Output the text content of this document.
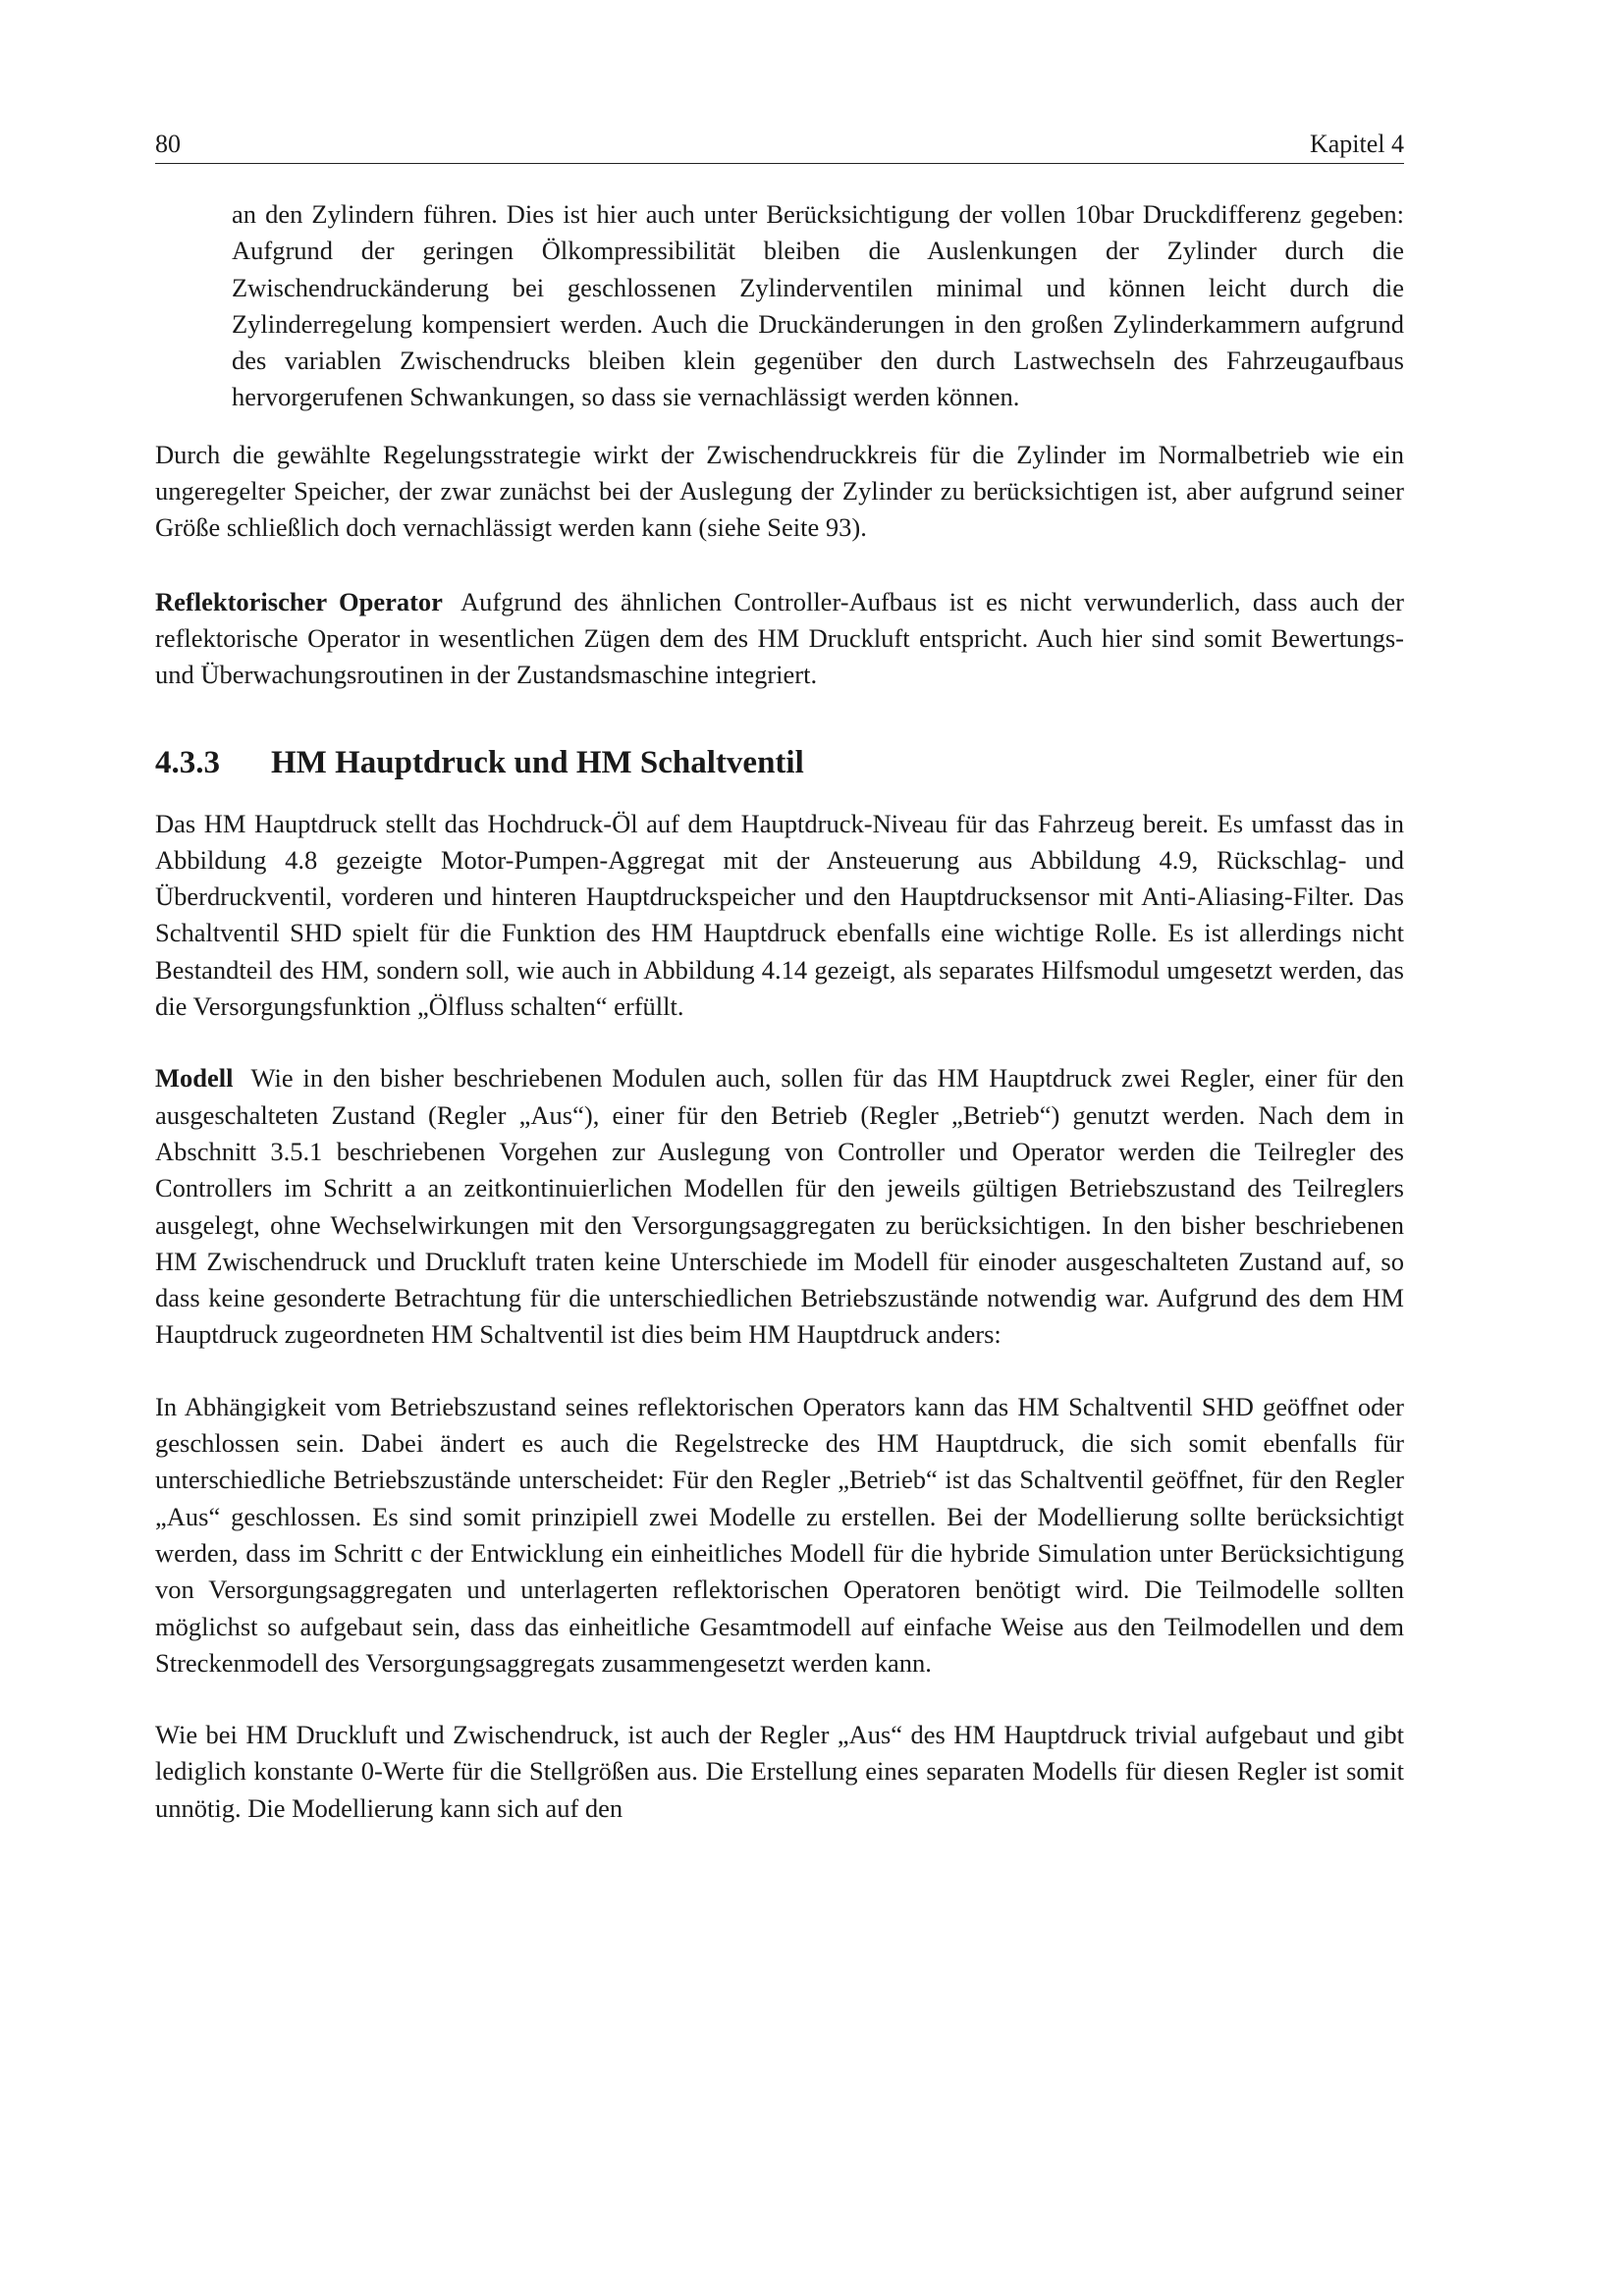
80	Kapitel 4

an den Zylindern führen. Dies ist hier auch unter Berücksichtigung der vollen 10bar Druckdifferenz gegeben: Aufgrund der geringen Ölkompressibilität bleiben die Auslenkungen der Zylinder durch die Zwischendruckänderung bei geschlossenen Zylinderventilen minimal und können leicht durch die Zylinderregelung kompensiert werden. Auch die Druckänderungen in den großen Zylinderkammern aufgrund des variablen Zwischendrucks bleiben klein gegenüber den durch Lastwechseln des Fahrzeugaufbaus hervorgerufenen Schwankungen, so dass sie vernachlässigt werden können.

Durch die gewählte Regelungsstrategie wirkt der Zwischendruckkreis für die Zylinder im Normalbetrieb wie ein ungeregelter Speicher, der zwar zunächst bei der Auslegung der Zylinder zu berücksichtigen ist, aber aufgrund seiner Größe schließlich doch vernachlässigt werden kann (siehe Seite 93).

Reflektorischer Operator Aufgrund des ähnlichen Controller-Aufbaus ist es nicht verwunderlich, dass auch der reflektorische Operator in wesentlichen Zügen dem des HM Druckluft entspricht. Auch hier sind somit Bewertungs- und Überwachungsroutinen in der Zustandsmaschine integriert.

4.3.3 HM Hauptdruck und HM Schaltventil

Das HM Hauptdruck stellt das Hochdruck-Öl auf dem Hauptdruck-Niveau für das Fahrzeug bereit. Es umfasst das in Abbildung 4.8 gezeigte Motor-Pumpen-Aggregat mit der Ansteuerung aus Abbildung 4.9, Rückschlag- und Überdruckventil, vorderen und hinteren Hauptdruckspeicher und den Hauptdrucksensor mit Anti-Aliasing-Filter. Das Schaltventil SHD spielt für die Funktion des HM Hauptdruck ebenfalls eine wichtige Rolle. Es ist allerdings nicht Bestandteil des HM, sondern soll, wie auch in Abbildung 4.14 gezeigt, als separates Hilfsmodul umgesetzt werden, das die Versorgungsfunktion „Ölfluss schalten“ erfüllt.

Modell Wie in den bisher beschriebenen Modulen auch, sollen für das HM Hauptdruck zwei Regler, einer für den ausgeschalteten Zustand (Regler „Aus“), einer für den Betrieb (Regler „Betrieb“) genutzt werden. Nach dem in Abschnitt 3.5.1 beschriebenen Vorgehen zur Auslegung von Controller und Operator werden die Teilregler des Controllers im Schritt a an zeitkontinuierlichen Modellen für den jeweils gültigen Betriebszustand des Teilreglers ausgelegt, ohne Wechselwirkungen mit den Versorgungsaggregaten zu berücksichtigen. In den bisher beschriebenen HM Zwischendruck und Druckluft traten keine Unterschiede im Modell für einoder ausgeschalteten Zustand auf, so dass keine gesonderte Betrachtung für die unterschiedlichen Betriebszustände notwendig war. Aufgrund des dem HM Hauptdruck zugeordneten HM Schaltventil ist dies beim HM Hauptdruck anders:

In Abhängigkeit vom Betriebszustand seines reflektorischen Operators kann das HM Schaltventil SHD geöffnet oder geschlossen sein. Dabei ändert es auch die Regelstrecke des HM Hauptdruck, die sich somit ebenfalls für unterschiedliche Betriebszustände unterscheidet: Für den Regler „Betrieb“ ist das Schaltventil geöffnet, für den Regler „Aus“ geschlossen. Es sind somit prinzipiell zwei Modelle zu erstellen. Bei der Modellierung sollte berücksichtigt werden, dass im Schritt c der Entwicklung ein einheitliches Modell für die hybride Simulation unter Berücksichtigung von Versorgungsaggregaten und unterlagerten reflektorischen Operatoren benötigt wird. Die Teilmodelle sollten möglichst so aufgebaut sein, dass das einheitliche Gesamtmodell auf einfache Weise aus den Teilmodellen und dem Streckenmodell des Versorgungsaggregats zusammengesetzt werden kann.

Wie bei HM Druckluft und Zwischendruck, ist auch der Regler „Aus“ des HM Hauptdruck trivial aufgebaut und gibt lediglich konstante 0-Werte für die Stellgrößen aus. Die Erstellung eines separaten Modells für diesen Regler ist somit unnötig. Die Modellierung kann sich auf den
